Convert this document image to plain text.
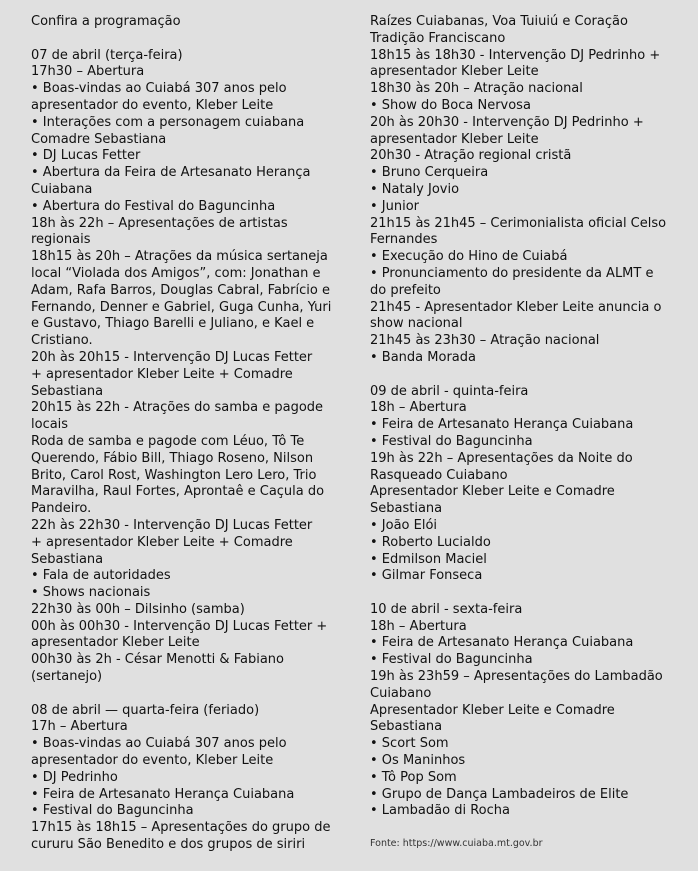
Confira a programação
07 de abril (terça-feira)
17h30 – Abertura
• Boas-vindas ao Cuiabá 307 anos pelo
apresentador do evento, Kleber Leite
• Interações com a personagem cuiabana
Comadre Sebastiana
• DJ Lucas Fetter
• Abertura da Feira de Artesanato Herança
Cuiabana
• Abertura do Festival do Baguncinha
18h às 22h – Apresentações de artistas
regionais
18h15 às 20h – Atrações da música sertaneja
local “Violada dos Amigos”, com: Jonathan e
Adam, Rafa Barros, Douglas Cabral, Fabrício e
Fernando, Denner e Gabriel, Guga Cunha, Yuri
e Gustavo, Thiago Barelli e Juliano, e Kael e
Cristiano.
20h às 20h15 - Intervenção DJ Lucas Fetter
+ apresentador Kleber Leite + Comadre
Sebastiana
20h15 às 22h - Atrações do samba e pagode
locais
Roda de samba e pagode com Léuo, Tô Te
Querendo, Fábio Bill, Thiago Roseno, Nilson
Brito, Carol Rost, Washington Lero Lero, Trio
Maravilha, Raul Fortes, Aprontaê e Caçula do
Pandeiro.
22h às 22h30 - Intervenção DJ Lucas Fetter
+ apresentador Kleber Leite + Comadre
Sebastiana
• Fala de autoridades
• Shows nacionais
22h30 às 00h – Dilsinho (samba)
00h às 00h30 - Intervenção DJ Lucas Fetter +
apresentador Kleber Leite
00h30 às 2h - César Menotti & Fabiano
(sertanejo)
08 de abril — quarta-feira (feriado)
17h – Abertura
• Boas-vindas ao Cuiabá 307 anos pelo
apresentador do evento, Kleber Leite
• DJ Pedrinho
• Feira de Artesanato Herança Cuiabana
• Festival do Baguncinha
17h15 às 18h15 – Apresentações do grupo de
cururu São Benedito e dos grupos de siriri
Raízes Cuiabanas, Voa Tuiuiú e Coração
Tradição Franciscano
18h15 às 18h30 - Intervenção DJ Pedrinho +
apresentador Kleber Leite
18h30 às 20h – Atração nacional
• Show do Boca Nervosa
20h às 20h30 - Intervenção DJ Pedrinho +
apresentador Kleber Leite
20h30 - Atração regional cristã
• Bruno Cerqueira
• Nataly Jovio
• Junior
21h15 às 21h45 – Cerimonialista oficial Celso
Fernandes
• Execução do Hino de Cuiabá
• Pronunciamento do presidente da ALMT e
do prefeito
21h45 - Apresentador Kleber Leite anuncia o
show nacional
21h45 às 23h30 – Atração nacional
• Banda Morada
09 de abril - quinta-feira
18h – Abertura
• Feira de Artesanato Herança Cuiabana
• Festival do Baguncinha
19h às 22h – Apresentações da Noite do
Rasqueado Cuiabano
Apresentador Kleber Leite e Comadre
Sebastiana
• João Elói
• Roberto Lucialdo
• Edmilson Maciel
• Gilmar Fonseca
10 de abril - sexta-feira
18h – Abertura
• Feira de Artesanato Herança Cuiabana
• Festival do Baguncinha
19h às 23h59 – Apresentações do Lambadão
Cuiabano
Apresentador Kleber Leite e Comadre
Sebastiana
• Scort Som
• Os Maninhos
• Tô Pop Som
• Grupo de Dança Lambadeiros de Elite
• Lambadão di Rocha
Fonte: https://www.cuiaba.mt.gov.br
